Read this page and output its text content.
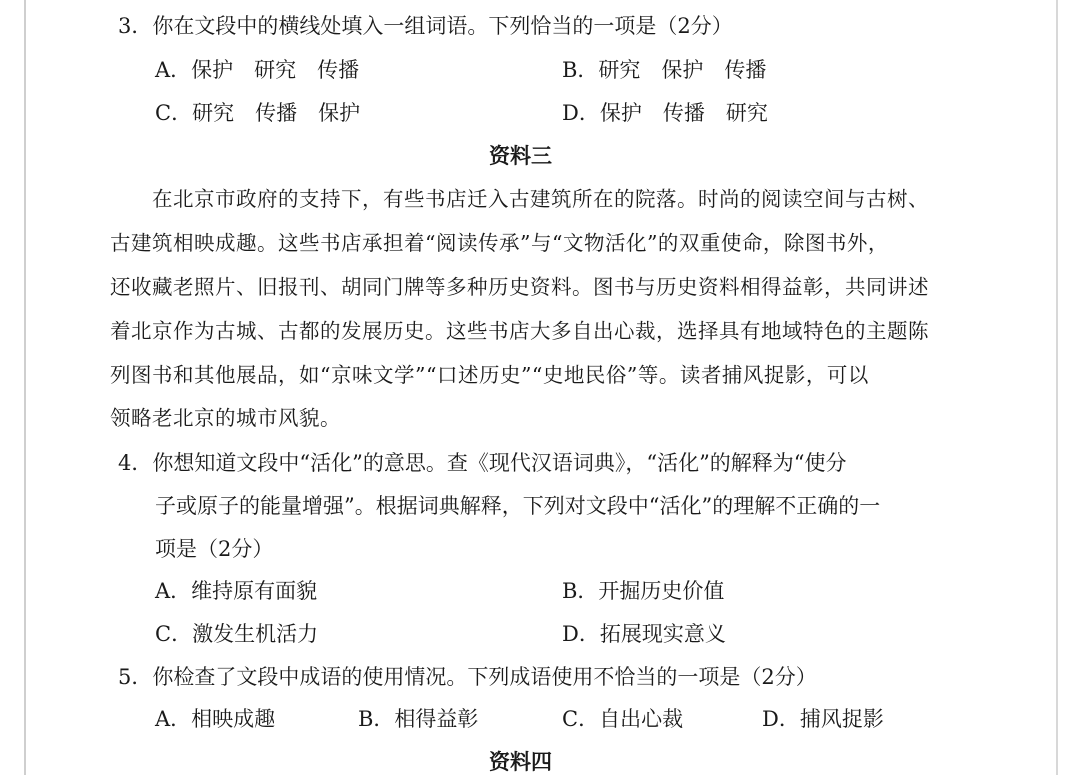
3．你在文段中的横线处填入一组词语。下列恰当的一项是（2分）
A．保护　研究　传播	B．研究　保护　传播
C．研究　传播　保护	D．保护　传播　研究
资料三
在北京市政府的支持下，有些书店迁入古建筑所在的院落。时尚的阅读空间与古树、
古建筑相映成趣。这些书店承担着“阅读传承”与“文物活化”的双重使命，除图书外，
还收藏老照片、旧报刊、胡同门牌等多种历史资料。图书与历史资料相得益彰，共同讲述
着北京作为古城、古都的发展历史。这些书店大多自出心裁，选择具有地域特色的主题陈
列图书和其他展品，如“京味文学”“口述历史”“史地民俗”等。读者捕风捉影，可以
领略老北京的城市风貌。
4．你想知道文段中“活化”的意思。查《现代汉语词典》，“活化”的解释为“使分
子或原子的能量增强”。根据词典解释，下列对文段中“活化”的理解不正确的一
项是（2分）
A．维持原有面貌	B．开掘历史价值
C．激发生机活力	D．拓展现实意义
5．你检查了文段中成语的使用情况。下列成语使用不恰当的一项是（2分）
A．相映成趣	B．相得益彰	C．自出心裁	D．捕风捉影
资料四
